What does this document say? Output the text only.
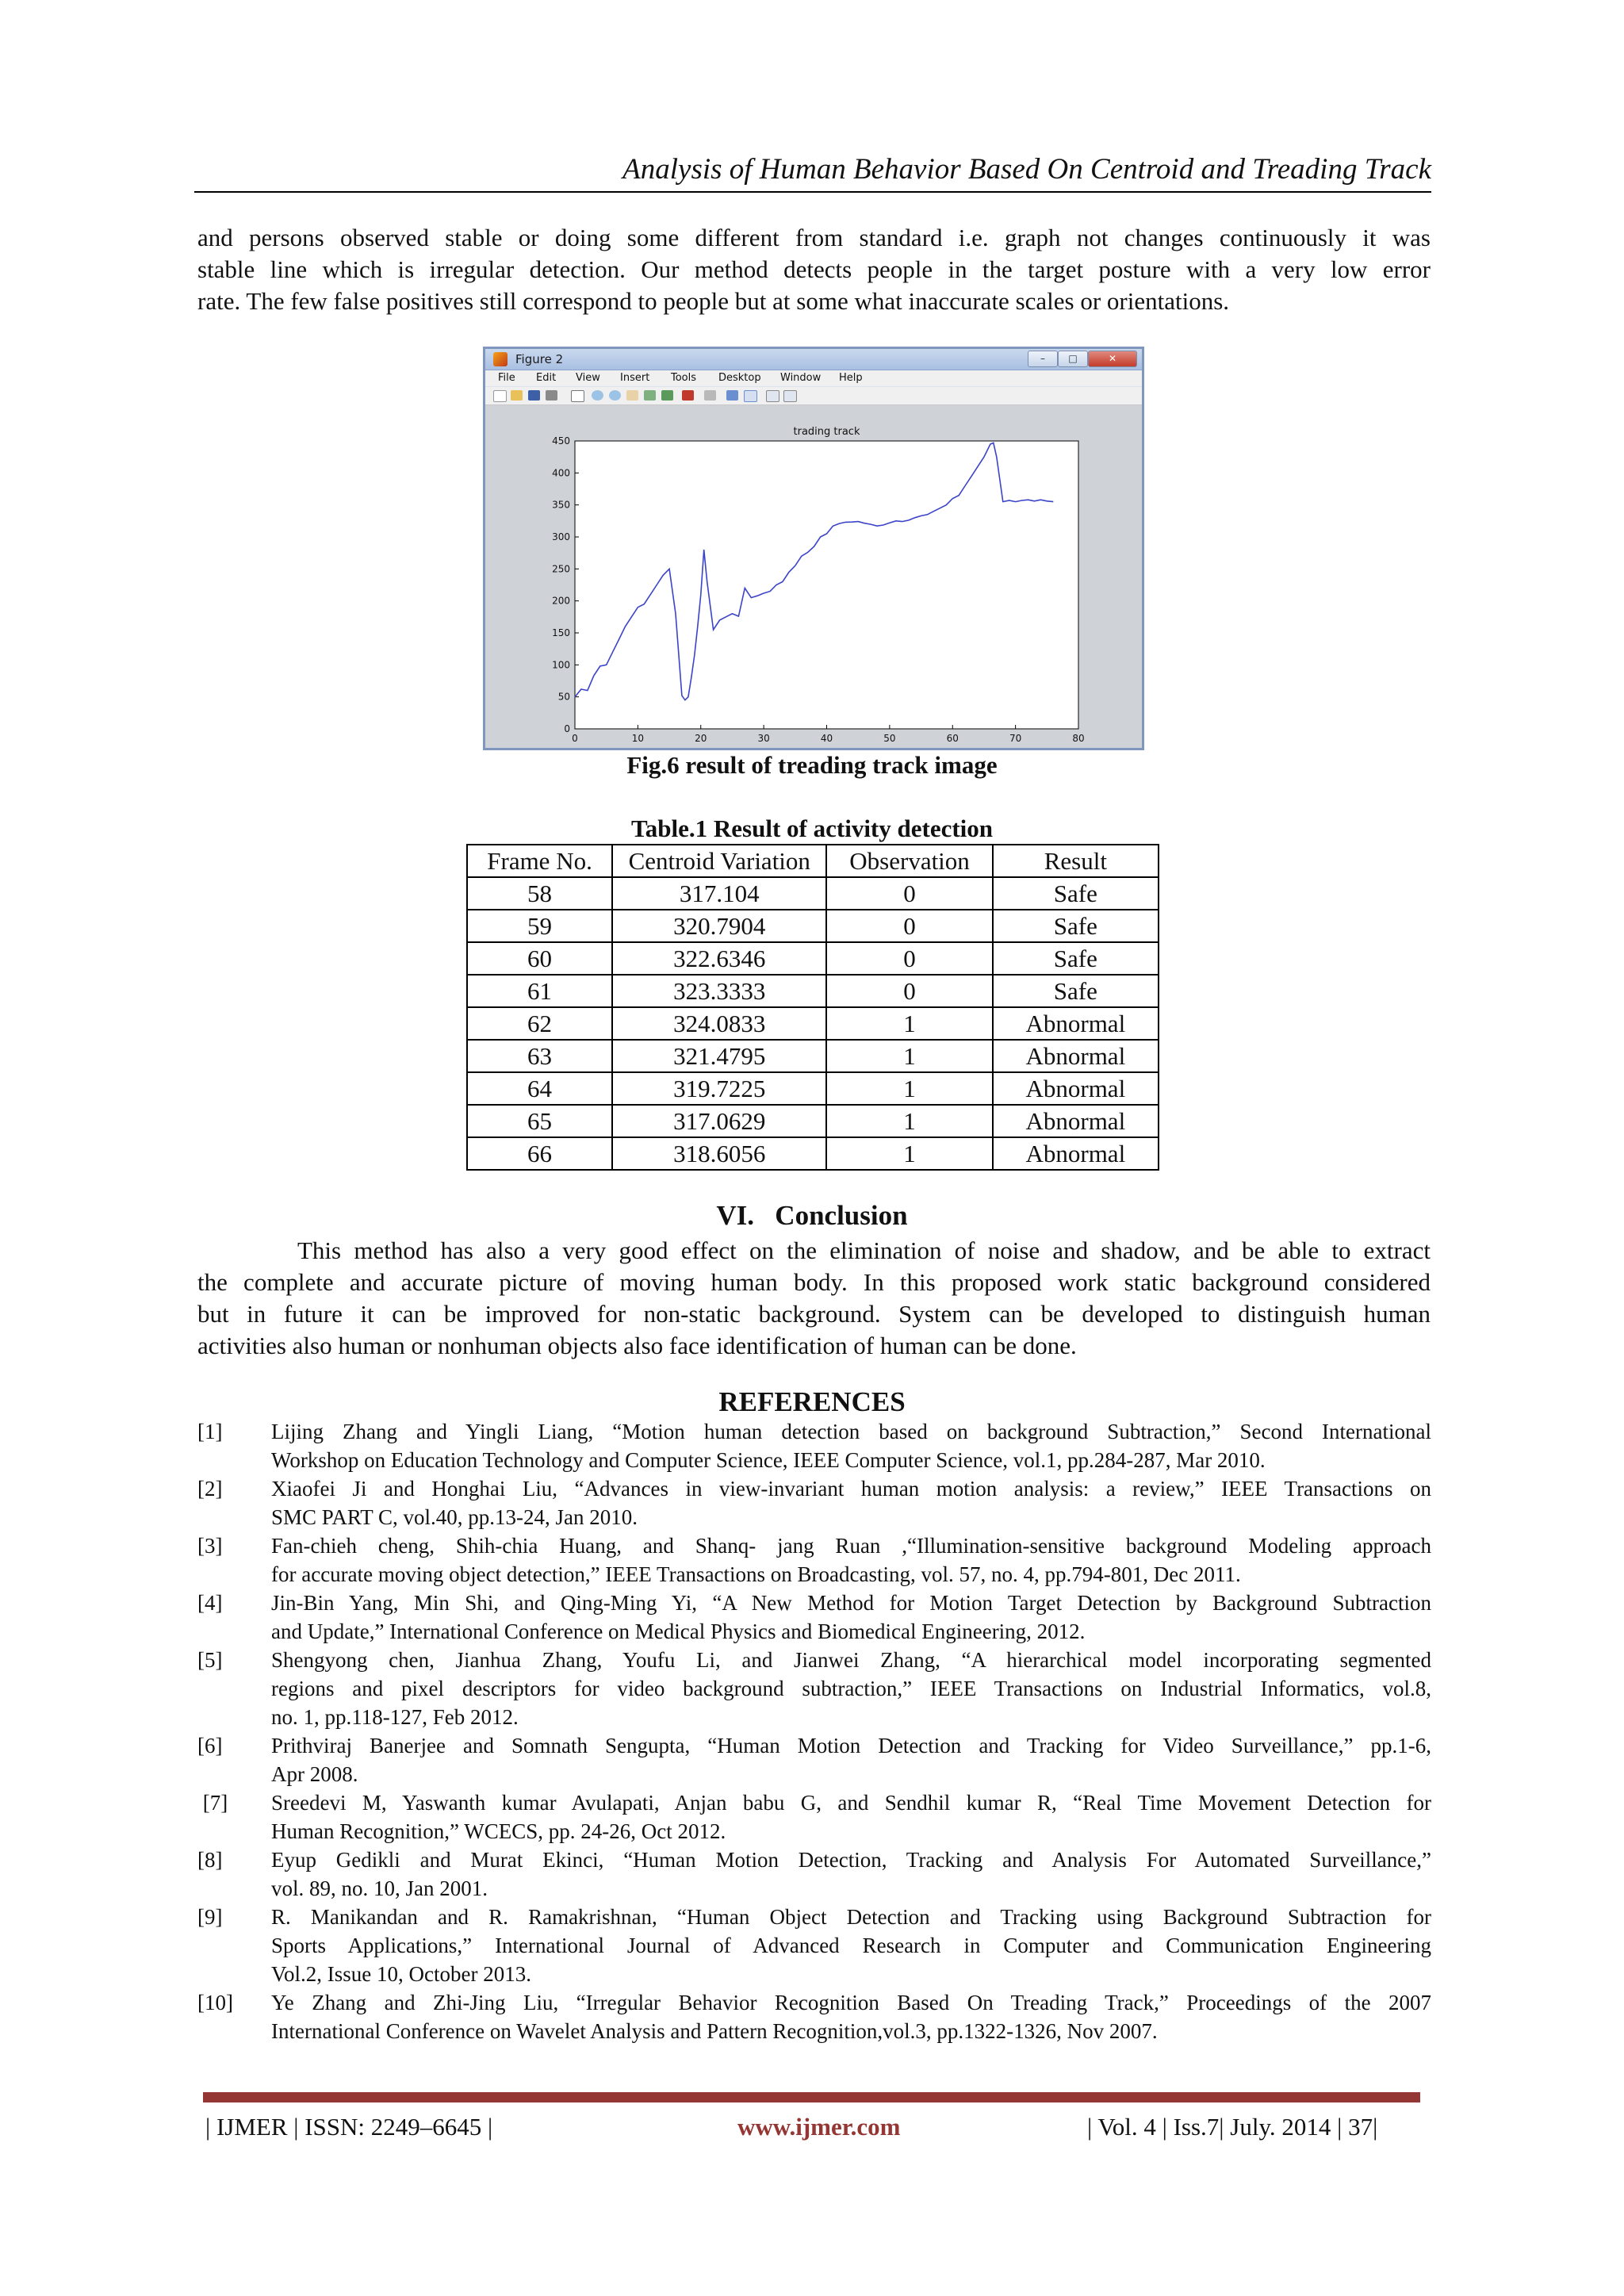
Analysis of Human Behavior Based On Centroid and Treading Track
and persons observed stable or doing some different from standard i.e. graph not changes continuously it was
stable line which is irregular detection. Our method detects people in the target posture with a very low error
rate. The few false positives still correspond to people but at some what inaccurate scales or orientations.
Figure 2	–	□	✕
File Edit View Insert Tools Desktop Window Help
trading track
0	10	20	30	40	50	60	70	80
0
50
100
150
200
250
300
350
400
450
Fig.6 result of treading track image
Table.1 Result of activity detection
Frame No.	Centroid Variation	Observation	Result
58	317.104	0	Safe
59	320.7904	0	Safe
60	322.6346	0	Safe
61	323.3333	0	Safe
62	324.0833	1	Abnormal
63	321.4795	1	Abnormal
64	319.7225	1	Abnormal
65	317.0629	1	Abnormal
66	318.6056	1	Abnormal
VI.   Conclusion
This method has also a very good effect on the elimination of noise and shadow, and be able to extract
the complete and accurate picture of moving human body. In this proposed work static background considered
but in future it can be improved for non-static background. System can be developed to distinguish human
activities also human or nonhuman objects also face identification of human can be done.
REFERENCES
[1] Lijing Zhang and Yingli Liang, “Motion human detection based on background Subtraction,” Second International
Workshop on Education Technology and Computer Science, IEEE Computer Science, vol.1, pp.284-287, Mar 2010.
[2] Xiaofei Ji and Honghai Liu, “Advances in view-invariant human motion analysis: a review,” IEEE Transactions on
SMC PART C, vol.40, pp.13-24, Jan 2010.
[3] Fan-chieh cheng, Shih-chia Huang, and Shanq- jang Ruan ,“Illumination-sensitive background Modeling approach
for accurate moving object detection,” IEEE Transactions on Broadcasting, vol. 57, no. 4, pp.794-801, Dec 2011.
[4] Jin-Bin Yang, Min Shi, and Qing-Ming Yi, “A New Method for Motion Target Detection by Background Subtraction
and Update,” International Conference on Medical Physics and Biomedical Engineering, 2012.
[5] Shengyong chen, Jianhua Zhang, Youfu Li, and Jianwei Zhang, “A hierarchical model incorporating segmented
regions and pixel descriptors for video background subtraction,” IEEE Transactions on Industrial Informatics, vol.8,
no. 1, pp.118-127, Feb 2012.
[6] Prithviraj Banerjee and Somnath Sengupta, “Human Motion Detection and Tracking for Video Surveillance,” pp.1-6,
Apr 2008.
[7] Sreedevi M, Yaswanth kumar Avulapati, Anjan babu G, and Sendhil kumar R, “Real Time Movement Detection for
Human Recognition,” WCECS, pp. 24-26, Oct 2012.
[8] Eyup Gedikli and Murat Ekinci, “Human Motion Detection, Tracking and Analysis For Automated Surveillance,”
vol. 89, no. 10, Jan 2001.
[9] R. Manikandan and R. Ramakrishnan, “Human Object Detection and Tracking using Background Subtraction for
Sports Applications,” International Journal of Advanced Research in Computer and Communication Engineering
Vol.2, Issue 10, October 2013.
[10] Ye Zhang and Zhi-Jing Liu, “Irregular Behavior Recognition Based On Treading Track,” Proceedings of the 2007
International Conference on Wavelet Analysis and Pattern Recognition,vol.3, pp.1322-1326, Nov 2007.
| IJMER | ISSN: 2249–6645 |	www.ijmer.com	| Vol. 4 | Iss.7| July. 2014 | 37|
